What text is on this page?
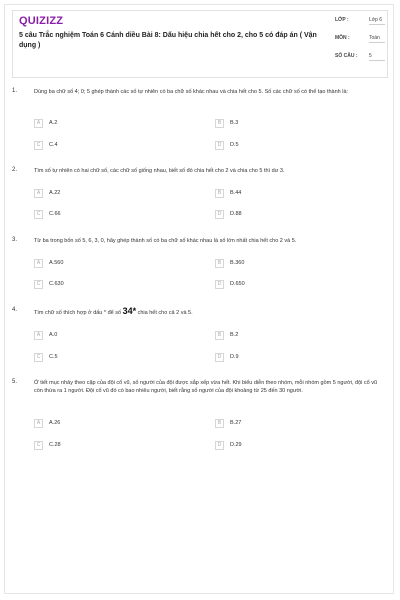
QUIZIZZ
5 câu Trắc nghiệm Toán 6 Cánh diều Bài 8: Dấu hiệu chia hết cho 2, cho 5 có đáp án ( Vận dụng )
LỚP :	Lớp 6
MÔN :	Toán
SỐ CÂU : 5
1.	Dùng ba chữ số 4; 0; 5 ghép thành các số tự nhiên có ba chữ số khác nhau và chia hết cho 5. Số các chữ số có thể tạo thành là:
A	A.2	B	B.3
C	C.4	D	D.5
2.	Tìm số tự nhiên có hai chữ số, các chữ số giống nhau, biết số đó chia hết cho 2 và chia cho 5 thì dư 3.
A	A.22	B	B.44
C	C.66	D	D.88
3.	Từ ba trong bốn số 5, 6, 3, 0, hãy ghép thành số có ba chữ số khác nhau là số lớn nhất chia hết cho 2 và 5.
A	A.560	B	B.360
C	C.630	D	D.650
4.	Tìm chữ số thích hợp ở dấu * để số 34* chia hết cho cả 2 và 5.
A	A.0	B	B.2
C	C.5	D	D.9
5.	Ở tiết mục nhảy theo cặp của đội cổ vũ, số người của đội được sắp xếp vừa hết. Khi biểu diễn theo nhóm, mỗi nhóm gồm 5 người, đội cổ vũ còn thừa ra 1 người. Đội cổ vũ đó có bao nhiêu người, biết rằng số người của đội khoảng từ 25 đến 30 người.
A	A.26	B	B.27
C	C.28	D	D.29
